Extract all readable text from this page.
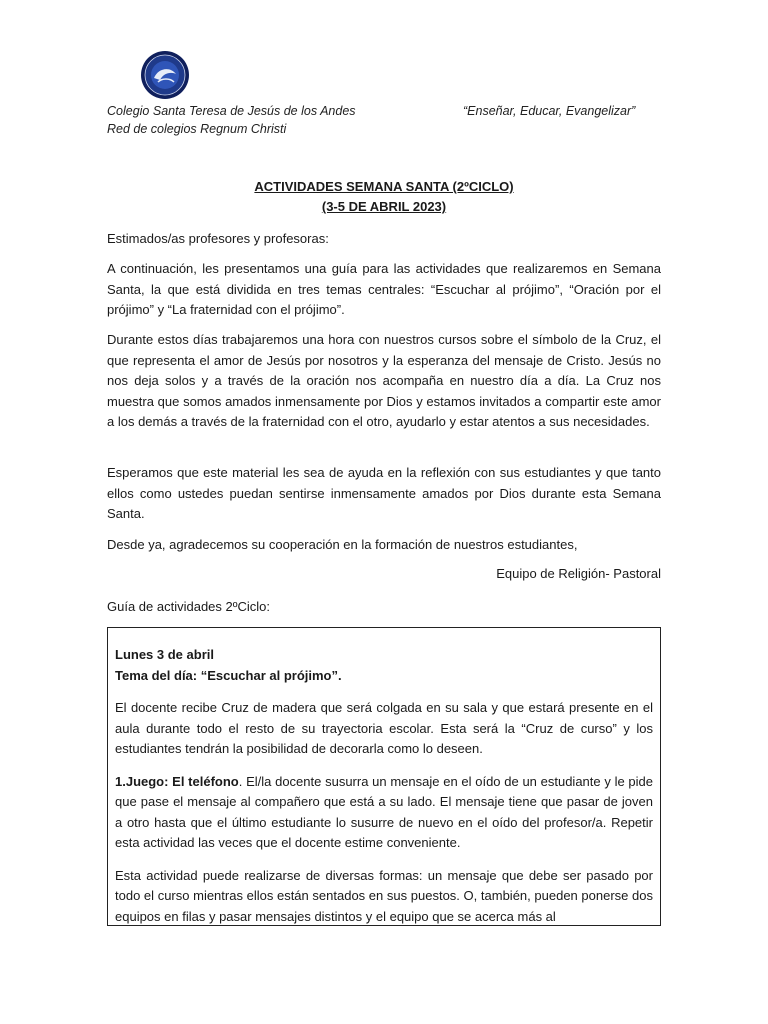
Colegio Santa Teresa de Jesús de los Andes
Red de colegios Regnum Christi
“Enseñar, Educar, Evangelizar”
ACTIVIDADES SEMANA SANTA (2ºCICLO)
(3-5 DE ABRIL 2023)
Estimados/as profesores y profesoras:
A continuación, les presentamos una guía para las actividades que realizaremos en Semana Santa, la que está dividida en tres temas centrales: “Escuchar al prójimo”, “Oración por el prójimo” y “La fraternidad con el prójimo”.
Durante estos días trabajaremos una hora con nuestros cursos sobre el símbolo de la Cruz, el que representa el amor de Jesús por nosotros y la esperanza del mensaje de Cristo. Jesús no nos deja solos y a través de la oración nos acompaña en nuestro día a día. La Cruz nos muestra que somos amados inmensamente por Dios y estamos invitados a compartir este amor a los demás a través de la fraternidad con el otro, ayudarlo y estar atentos a sus necesidades.
Esperamos que este material les sea de ayuda en la reflexión con sus estudiantes y que tanto ellos como ustedes puedan sentirse inmensamente amados por Dios durante esta Semana Santa.
Desde ya, agradecemos su cooperación en la formación de nuestros estudiantes,
Equipo de Religión- Pastoral
Guía de actividades 2ºCiclo:

Lunes 3 de abril

Tema del día: “Escuchar al prójimo”.

El docente recibe Cruz de madera que será colgada en su sala y que estará presente en el aula durante todo el resto de su trayectoria escolar. Esta será la “Cruz de curso” y los estudiantes tendrán la posibilidad de decorarla como lo deseen.

1.Juego: El teléfono. El/la docente susurra un mensaje en el oído de un estudiante y le pide que pase el mensaje al compañero que está a su lado. El mensaje tiene que pasar de joven a otro hasta que el último estudiante lo susurre de nuevo en el oído del profesor/a. Repetir esta actividad las veces que el docente estime conveniente.

Esta actividad puede realizarse de diversas formas: un mensaje que debe ser pasado por todo el curso mientras ellos están sentados en sus puestos. O, también, pueden ponerse dos equipos en filas y pasar mensajes distintos y el equipo que se acerca más al
